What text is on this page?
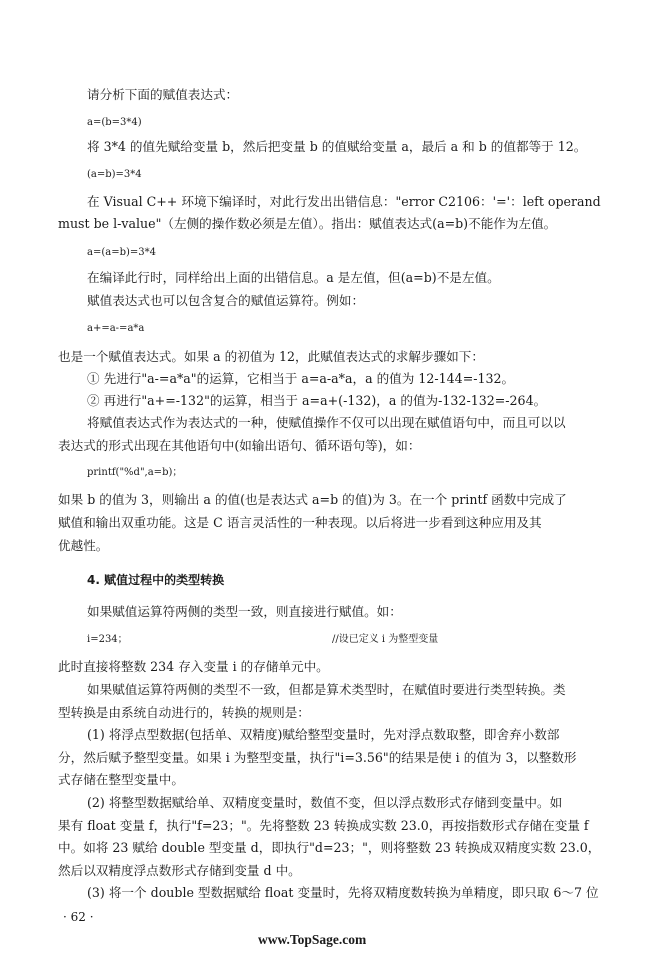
请分析下面的赋值表达式：
a=(b=3*4)
将 3*4 的值先赋给变量 b，然后把变量 b 的值赋给变量 a，最后 a 和 b 的值都等于 12。
(a=b)=3*4
在 Visual C++ 环境下编译时，对此行发出出错信息："error C2106：'='：left operand
must be l-value"（左侧的操作数必须是左值）。指出：赋值表达式(a=b)不能作为左值。
a=(a=b)=3*4
在编译此行时，同样给出上面的出错信息。a 是左值，但(a=b)不是左值。
赋值表达式也可以包含复合的赋值运算符。例如：
a+=a-=a*a
也是一个赋值表达式。如果 a 的初值为 12，此赋值表达式的求解步骤如下：
① 先进行"a-=a*a"的运算，它相当于 a=a-a*a，a 的值为 12-144=-132。
② 再进行"a+=-132"的运算，相当于 a=a+(-132)，a 的值为-132-132=-264。
将赋值表达式作为表达式的一种，使赋值操作不仅可以出现在赋值语句中，而且可以以
表达式的形式出现在其他语句中(如输出语句、循环语句等)，如：
printf("%d",a=b)；
如果 b 的值为 3，则输出 a 的值(也是表达式 a=b 的值)为 3。在一个 printf 函数中完成了
赋值和输出双重功能。这是 C 语言灵活性的一种表现。以后将进一步看到这种应用及其
优越性。
4. 赋值过程中的类型转换
如果赋值运算符两侧的类型一致，则直接进行赋值。如：
i=234；	//设已定义 i 为整型变量
此时直接将整数 234 存入变量 i 的存储单元中。
如果赋值运算符两侧的类型不一致，但都是算术类型时，在赋值时要进行类型转换。类
型转换是由系统自动进行的，转换的规则是：
(1) 将浮点型数据(包括单、双精度)赋给整型变量时，先对浮点数取整，即舍弃小数部
分，然后赋予整型变量。如果 i 为整型变量，执行"i=3.56"的结果是使 i 的值为 3，以整数形
式存储在整型变量中。
(2) 将整型数据赋给单、双精度变量时，数值不变，但以浮点数形式存储到变量中。如
果有 float 变量 f，执行"f=23；"。先将整数 23 转换成实数 23.0，再按指数形式存储在变量 f
中。如将 23 赋给 double 型变量 d，即执行"d=23；"，则将整数 23 转换成双精度实数 23.0，
然后以双精度浮点数形式存储到变量 d 中。
(3) 将一个 double 型数据赋给 float 变量时，先将双精度数转换为单精度，即只取 6～7 位
· 62 ·
www.TopSage.com
